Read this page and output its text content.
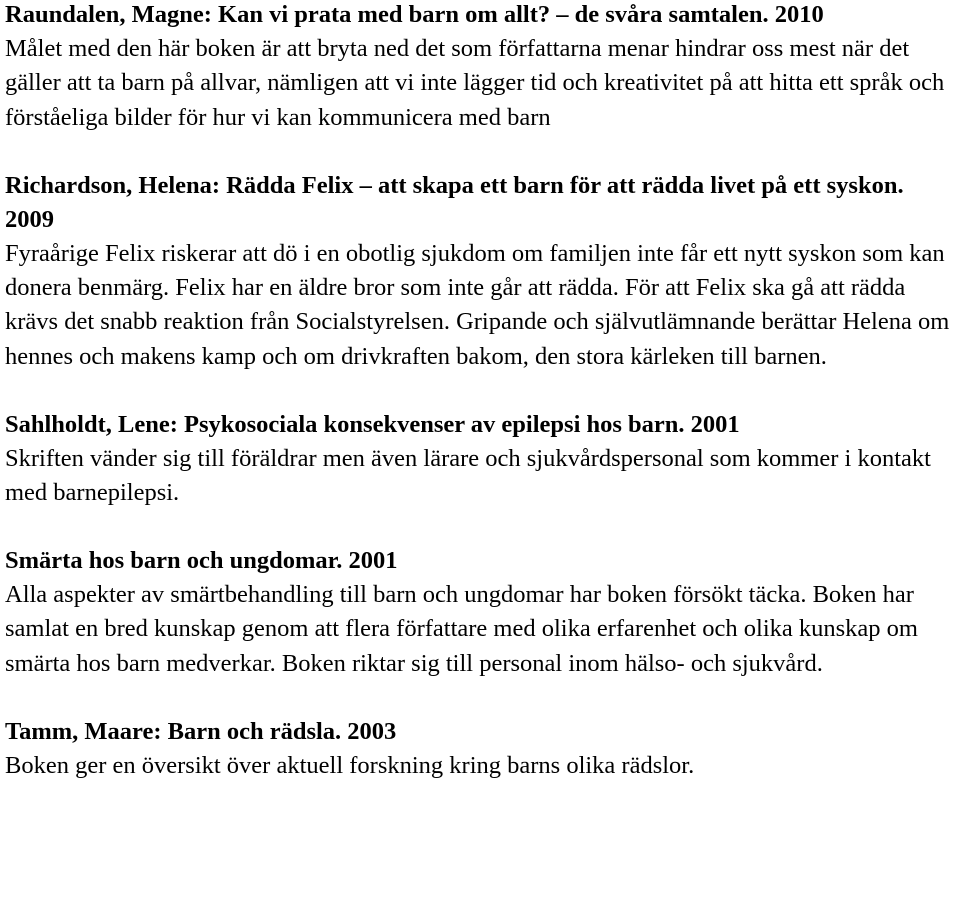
Raundalen, Magne: Kan vi prata med barn om allt? – de svåra samtalen. 2010
Målet med den här boken är att bryta ned det som författarna menar hindrar oss mest när det gäller att ta barn på allvar, nämligen att vi inte lägger tid och kreativitet på att hitta ett språk och förståeliga bilder för hur vi kan kommunicera med barn

Richardson, Helena: Rädda Felix – att skapa ett barn för att rädda livet på ett syskon. 2009
Fyraårige Felix riskerar att dö i en obotlig sjukdom om familjen inte får ett nytt syskon som kan donera benmärg. Felix har en äldre bror som inte går att rädda. För att Felix ska gå att rädda krävs det snabb reaktion från Socialstyrelsen. Gripande och självutlämnande berättar Helena om hennes och makens kamp och om drivkraften bakom, den stora kärleken till barnen.

Sahlholdt, Lene: Psykosociala konsekvenser av epilepsi hos barn. 2001
Skriften vänder sig till föräldrar men även lärare och sjukvårdspersonal som kommer i kontakt med barnepilepsi.

Smärta hos barn och ungdomar. 2001
Alla aspekter av smärtbehandling till barn och ungdomar har boken försökt täcka. Boken har samlat en bred kunskap genom att flera författare med olika erfarenhet och olika kunskap om smärta hos barn medverkar. Boken riktar sig till personal inom hälso- och sjukvård.

Tamm, Maare: Barn och rädsla. 2003
Boken ger en översikt över aktuell forskning kring barns olika rädslor.
